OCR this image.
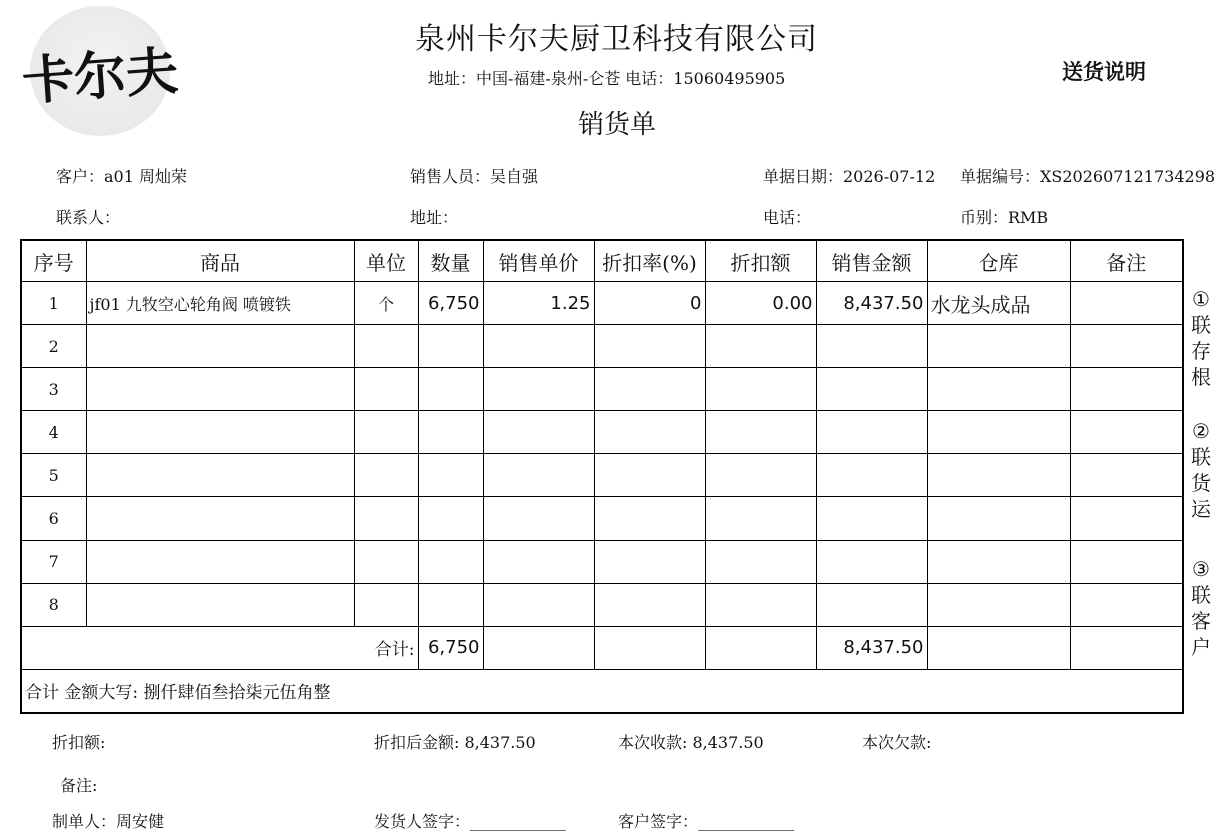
卡尔夫
泉州卡尔夫厨卫科技有限公司
地址：中国-福建-泉州-仑苍 电话：15060495905
销货单
送货说明
客户：a01 周灿荣	销售人员：吴自强	单据日期：2026-07-12 单据编号：XS202607121734298
联系人：	地址：	电话：	币别：RMB
序号	商品	单位	数量	销售单价	折扣率(%)	折扣额	销售金额	仓库	备注
1	jf01 九牧空心轮角阀 喷镀铁	个	6,750	1.25	0	0.00	8,437.50	水龙头成品	
2									
3									
4									
5									
6									
7									
8									
合计:			6,750				8,437.50		
合计 金额大写: 捌仟肆佰叁拾柒元伍角整									
①
联
存
根
②
联
货
运
③
联
客
户
折扣额:	折扣后金额: 8,437.50	本次收款: 8,437.50	本次欠款:
备注:
制单人：周安健	发货人签字：____________	客户签字：____________
